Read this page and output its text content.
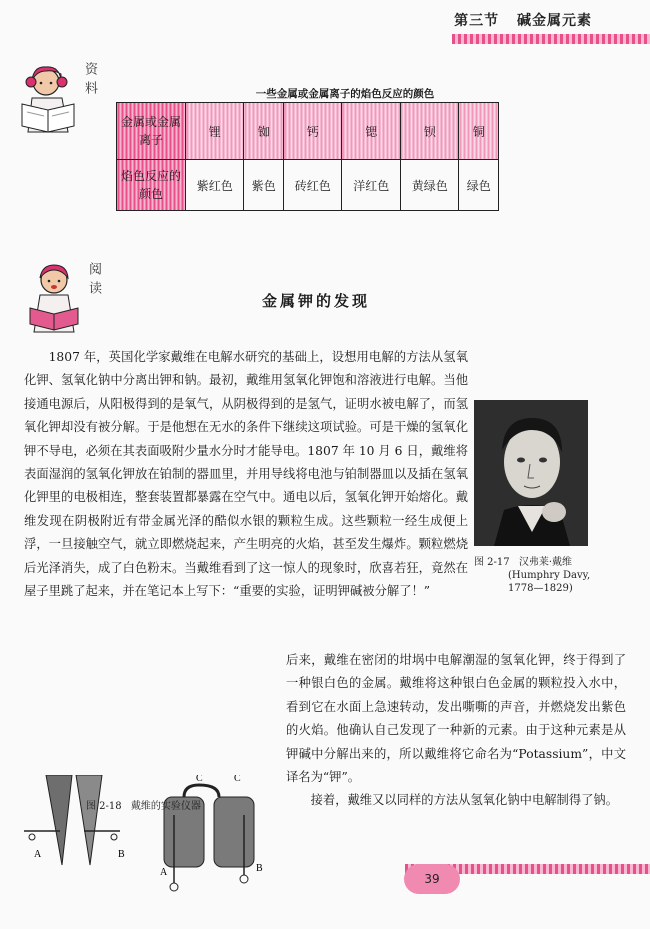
第三节 碱金属元素
资料	一些金属或金属离子的焰色反应的颜色
金属或金属离子	锂	铷	钙	锶	钡	铜
焰色反应的颜色	紫红色	紫色	砖红色	洋红色	黄绿色	绿色
阅读
金属钾的发现
1807 年，英国化学家戴维在电解水研究的基础上，设想用电解的方法从氢氧化钾、氢氧化钠中分离出钾和钠。最初，戴维用氢氧化钾饱和溶液进行电解。当他接通电源后，从阳极得到的是氧气，从阴极得到的是氢气，证明水被电解了，而氢氧化钾却没有被分解。于是他想在无水的条件下继续这项试验。可是干燥的氢氧化钾不导电，必须在其表面吸附少量水分时才能导电。1807 年 10 月 6 日，戴维将表面湿润的氢氧化钾放在铂制的器皿里，并用导线将电池与铂制器皿以及插在氢氧化钾里的电极相连，整套装置都暴露在空气中。通电以后，氢氧化钾开始熔化。戴维发现在阴极附近有带金属光泽的酷似水银的颗粒生成。这些颗粒一经生成便上浮，一旦接触空气，就立即燃烧起来，产生明亮的火焰，甚至发生爆炸。颗粒燃烧后光泽消失，成了白色粉末。当戴维看到了这一惊人的现象时，欣喜若狂，竟然在屋子里跳了起来，并在笔记本上写下：“重要的实验，证明钾碱被分解了！”
图 2-17 汉弗莱·戴维
(Humphry Davy,
1778—1829)
后来，戴维在密闭的坩埚中电解潮湿的氢氧化钾，终于得到了一种银白色的金属。戴维将这种银白色金属的颗粒投入水中，看到它在水面上急速转动，发出嘶嘶的声音，并燃烧发出紫色的火焰。他确认自己发现了一种新的元素。由于这种元素是从钾碱中分解出来的，所以戴维将它命名为“Potassium”，中文译名为“钾”。
接着，戴维又以同样的方法从氢氧化钠中电解制得了钠。
A	B
C	C
A	B
图 2-18 戴维的实验仪器
39
